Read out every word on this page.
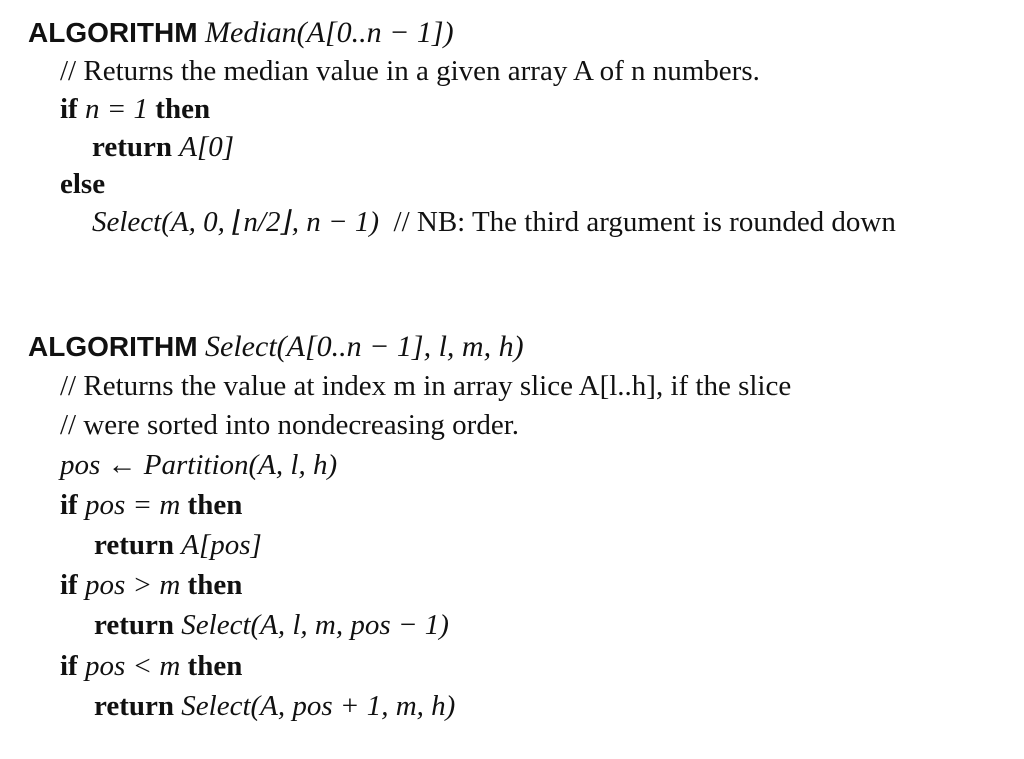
ALGORITHM Median(A[0..n − 1])
// Returns the median value in a given array A of n numbers.
if n = 1 then
return A[0]
else
Select(A, 0, ⌊n/2⌋, n − 1) // NB: The third argument is rounded down
ALGORITHM Select(A[0..n − 1], l, m, h)
// Returns the value at index m in array slice A[l..h], if the slice
// were sorted into nondecreasing order.
pos ← Partition(A, l, h)
if pos = m then
return A[pos]
if pos > m then
return Select(A, l, m, pos − 1)
if pos < m then
return Select(A, pos + 1, m, h)
